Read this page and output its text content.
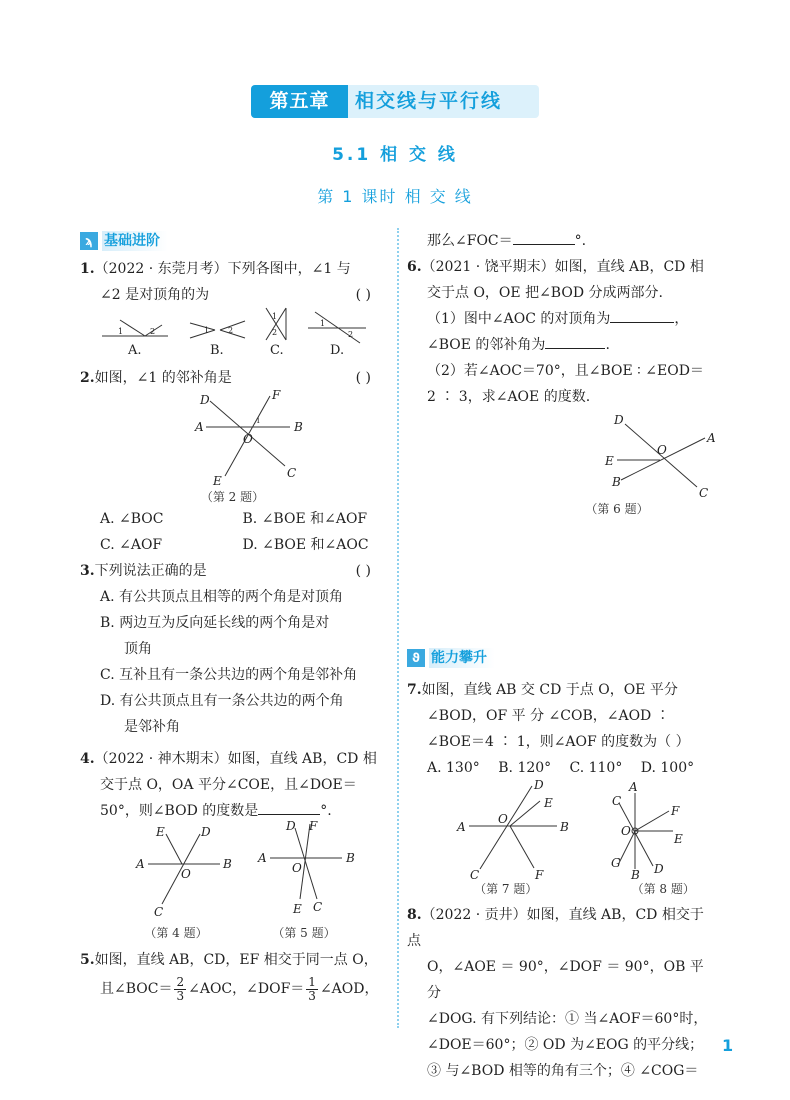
第五章	相交线与平行线
5.1 相 交 线
第 1 课时 相 交 线
ϡ 基础进阶
1.（2022 · 东莞月考）下列各图中，∠1 与
∠2 是对顶角的为	( )
1	2
A.
1 2
B.
1
2
C.
1
2
D.
2.如图，∠1 的邻补角是	( )
A	B
C
D
E
F
O
1
（第 2 题）
A. ∠BOC	B. ∠BOE 和∠AOF
C. ∠AOF	D. ∠BOE 和∠AOC
3.下列说法正确的是	( )
A. 有公共顶点且相等的两个角是对顶角
B. 两边互为反向延长线的两个角是对
顶角
C. 互补且有一条公共边的两个角是邻补角
D. 有公共顶点且有一条公共边的两个角
是邻补角
4.（2022 · 神木期末）如图，直线 AB，CD 相
交于点 O，OA 平分∠COE，且∠DOE＝
50°，则∠BOD 的度数是	°.
A	B
C
D
E
O
A	B
C
D
E
F
O
（第 4 题）	（第 5 题）
5.如图，直线 AB，CD，EF 相交于同一点 O，
且∠BOC＝ $\frac{2}{3}$ ∠AOC，∠DOF＝ $\frac{1}{3}$ ∠AOD，
那么∠FOC＝	°.
6.（2021 · 饶平期末）如图，直线 AB，CD 相
交于点 O，OE 把∠BOD 分成两部分.
（1）图中∠AOC 的对顶角为	，
∠BOE 的邻补角为	.
（2）若∠AOC＝70°，且∠BOE ∶ ∠EOD＝
2 ∶ 3，求∠AOE 的度数.
A
B
C
D
E
O
（第 6 题）
ϑ 能力攀升
7.如图，直线 AB 交 CD 于点 O，OE 平分
∠BOD，OF 平 分 ∠COB，∠AOD ∶
∠BOE＝4 ∶ 1，则∠AOF 的度数为（ ）
A. 130°	B. 120°	C. 110°	D. 100°
A	B
C
D
E
F
O
A
B
C
D
E
F
G
O
（第 7 题）	（第 8 题）
8.（2022 · 贡井）如图，直线 AB，CD 相交于点
O，∠AOE ＝ 90°，∠DOF ＝ 90°，OB 平分
∠DOG. 有下列结论：① 当∠AOF＝60°时，
∠DOE＝60°；② OD 为∠EOG 的平分线；
③ 与∠BOD 相等的角有三个；④ ∠COG＝
1
